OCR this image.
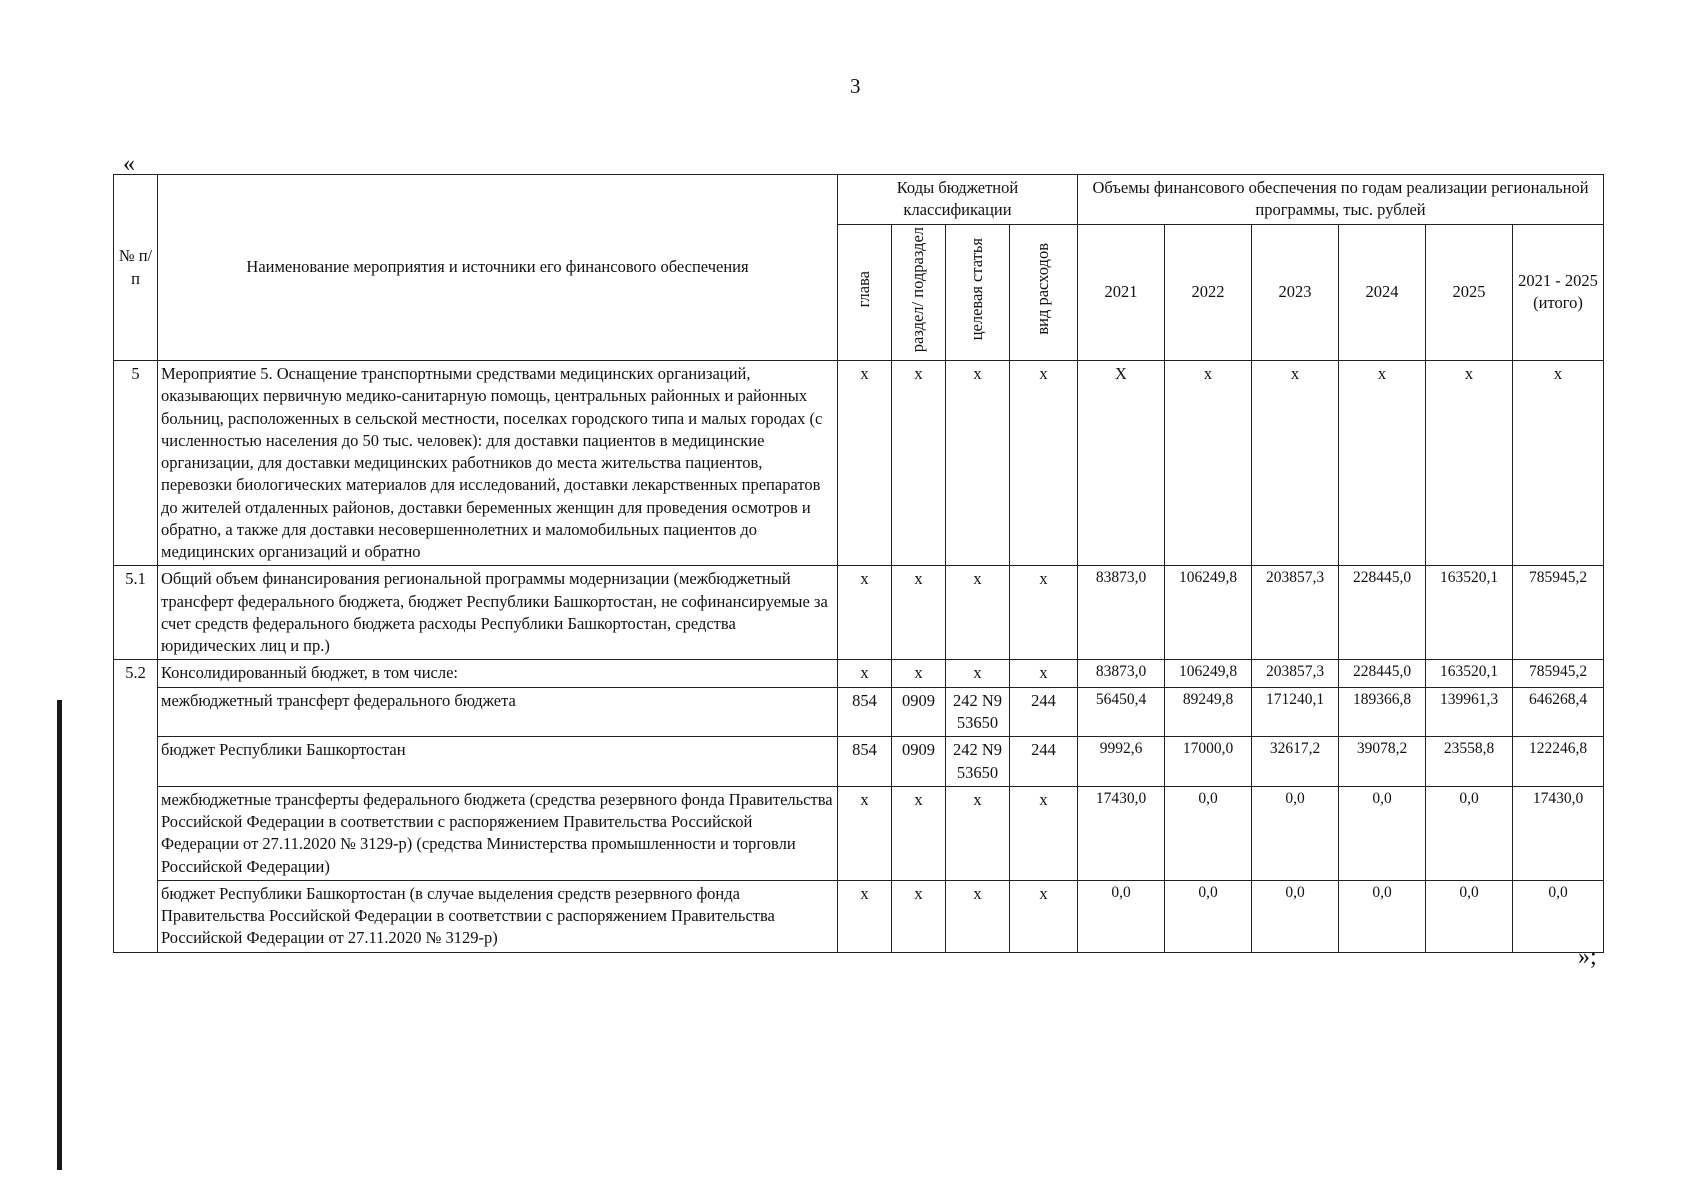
3
«
№ п/п	Наименование мероприятия и источники его финансового обеспечения	Коды бюджетной классификации				Объемы финансового обеспечения по годам реализации региональной программы, тыс. рублей					
		глава	раздел/ подраздел	целевая статья	вид расходов	2021	2022	2023	2024	2025	2021 - 2025 (итого)
5	Мероприятие 5. Оснащение транспортными средствами медицинских организаций, оказывающих первичную медико-санитарную помощь, центральных районных и районных больниц, расположенных в сельской местности, поселках городского типа и малых городах (с численностью населения до 50 тыс. человек): для доставки пациентов в медицинские организации, для доставки медицинских работников до места жительства пациентов, перевозки биологических материалов для исследований, доставки лекарственных препаратов до жителей отдаленных районов, доставки беременных женщин для проведения осмотров и обратно, а также для доставки несовершеннолетних и маломобильных пациентов до медицинских организаций и обратно	x	x	x	x	X	x	x	x	x	x
5.1	Общий объем финансирования региональной программы модернизации (межбюджетный трансферт федерального бюджета, бюджет Республики Башкортостан, не софинансируемые за счет средств федерального бюджета расходы Республики Башкортостан, средства юридических лиц и пр.)	x	x	x	x	83873,0	106249,8	203857,3	228445,0	163520,1	785945,2
5.2	Консолидированный бюджет, в том числе:	x	x	x	x	83873,0	106249,8	203857,3	228445,0	163520,1	785945,2
	межбюджетный трансферт федерального бюджета	854	0909	242 N9 53650	244	56450,4	89249,8	171240,1	189366,8	139961,3	646268,4
	бюджет Республики Башкортостан	854	0909	242 N9 53650	244	9992,6	17000,0	32617,2	39078,2	23558,8	122246,8
	межбюджетные трансферты федерального бюджета (средства резервного фонда Правительства Российской Федерации в соответствии с распоряжением Правительства Российской Федерации от 27.11.2020 № 3129-р) (средства Министерства промышленности и торговли Российской Федерации)	x	x	x	x	17430,0	0,0	0,0	0,0	0,0	17430,0
	бюджет Республики Башкортостан (в случае выделения средств резервного фонда Правительства Российской Федерации в соответствии с распоряжением Правительства Российской Федерации от 27.11.2020 № 3129-р)	x	x	x	x	0,0	0,0	0,0	0,0	0,0	0,0
»;
